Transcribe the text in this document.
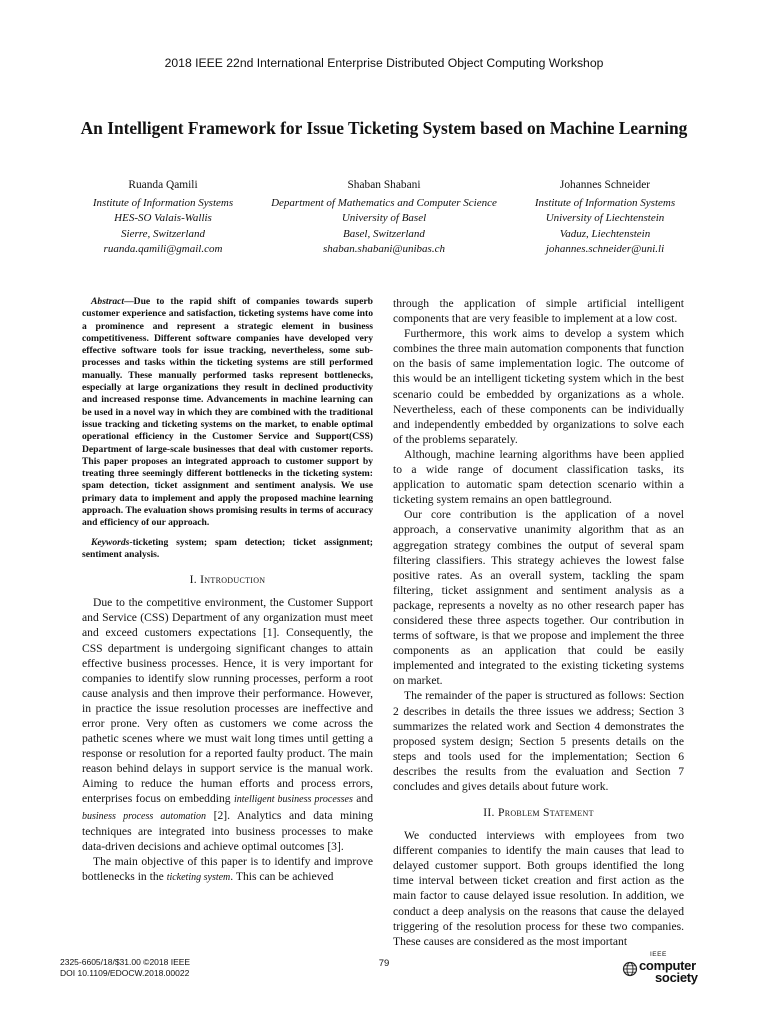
2018 IEEE 22nd International Enterprise Distributed Object Computing Workshop
An Intelligent Framework for Issue Ticketing System based on Machine Learning
Ruanda Qamili
Institute of Information Systems
HES-SO Valais-Wallis
Sierre, Switzerland
ruanda.qamili@gmail.com
Shaban Shabani
Department of Mathematics and Computer Science
University of Basel
Basel, Switzerland
shaban.shabani@unibas.ch
Johannes Schneider
Institute of Information Systems
University of Liechtenstein
Vaduz, Liechtenstein
johannes.schneider@uni.li

Abstract—Due to the rapid shift of companies towards superb customer experience and satisfaction, ticketing systems have come into a prominence and represent a strategic element in business competitiveness. Different software companies have developed very effective software tools for issue tracking, nevertheless, some sub-processes and tasks within the ticketing systems are still performed manually. These manually performed tasks represent bottlenecks, especially at large organizations they result in declined productivity and increased response time. Advancements in machine learning can be used in a novel way in which they are combined with the traditional issue tracking and ticketing systems on the market, to enable optimal operational efficiency in the Customer Service and Support(CSS) Department of large-scale businesses that deal with customer reports. This paper proposes an integrated approach to customer support by treating three seemingly different bottlenecks in the ticketing system: spam detection, ticket assignment and sentiment analysis. We use primary data to implement and apply the proposed machine learning approach. The evaluation shows promising results in terms of accuracy and efficiency of our approach.

Keywords-ticketing system; spam detection; ticket assignment; sentiment analysis.

I. Introduction

Due to the competitive environment, the Customer Support and Service (CSS) Department of any organization must meet and exceed customers expectations [1]. Consequently, the CSS department is undergoing significant changes to attain effective business processes. Hence, it is very important for companies to identify slow running processes, perform a root cause analysis and then improve their performance. However, in practice the issue resolution processes are ineffective and error prone. Very often as customers we come across the pathetic scenes where we must wait long times until getting a response or resolution for a reported faulty product. The main reason behind delays in support service is the manual work. Aiming to reduce the human efforts and process errors, enterprises focus on embedding intelligent business processes and business process automation [2]. Analytics and data mining techniques are integrated into business processes to make data-driven decisions and achieve optimal outcomes [3].

The main objective of this paper is to identify and improve bottlenecks in the ticketing system. This can be achieved

through the application of simple artificial intelligent components that are very feasible to implement at a low cost.

Furthermore, this work aims to develop a system which combines the three main automation components that function on the basis of same implementation logic. The outcome of this would be an intelligent ticketing system which in the best scenario could be embedded by organizations as a whole. Nevertheless, each of these components can be individually and independently embedded by organizations to solve each of the problems separately.

Although, machine learning algorithms have been applied to a wide range of document classification tasks, its application to automatic spam detection scenario within a ticketing system remains an open battleground.

Our core contribution is the application of a novel approach, a conservative unanimity algorithm that as an aggregation strategy combines the output of several spam filtering classifiers. This strategy achieves the lowest false positive rates. As an overall system, tackling the spam filtering, ticket assignment and sentiment analysis as a package, represents a novelty as no other research paper has considered these three aspects together. Our contribution in terms of software, is that we propose and implement the three components as an application that could be easily implemented and integrated to the existing ticketing systems on market.

The remainder of the paper is structured as follows: Section 2 describes in details the three issues we address; Section 3 summarizes the related work and Section 4 demonstrates the proposed system design; Section 5 presents details on the steps and tools used for the implementation; Section 6 describes the results from the evaluation and Section 7 concludes and gives details about future work.

II. Problem Statement

We conducted interviews with employees from two different companies to identify the main causes that lead to delayed customer support. Both groups identified the long time interval between ticket creation and first action as the main factor to cause delayed issue resolution. In addition, we conduct a deep analysis on the reasons that cause the delayed triggering of the resolution process for these two companies. These causes are considered as the most important

2325-6605/18/$31.00 ©2018 IEEE
DOI 10.1109/EDOCW.2018.00022
79
IEEE
computer
society
